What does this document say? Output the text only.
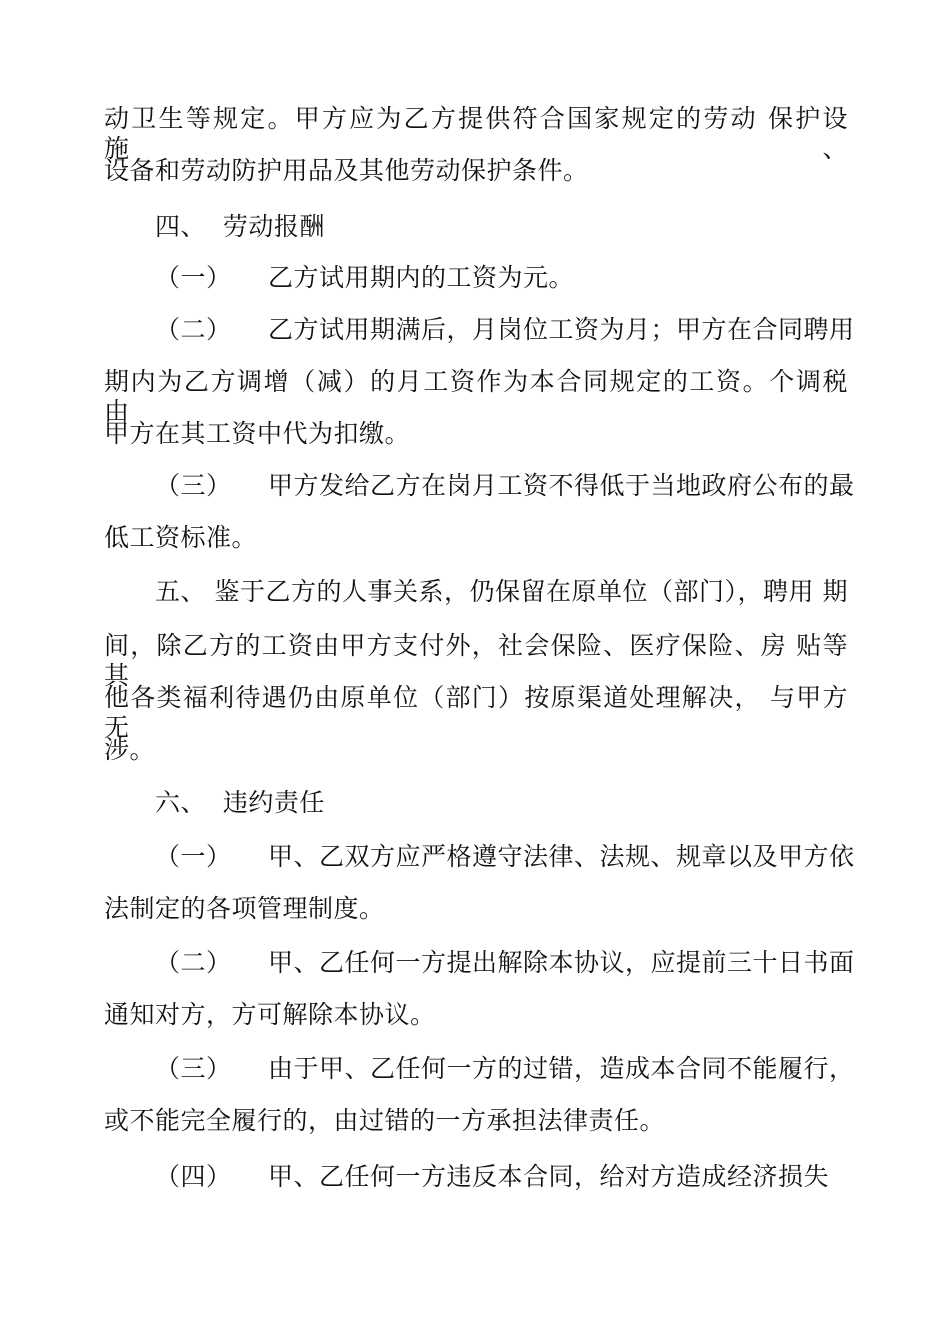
动卫生等规定。甲方应为乙方提供符合国家规定的劳动 保护设施、
设备和劳动防护用品及其他劳动保护条件。
四、  劳动报酬
（一） 乙方试用期内的工资为元。
（二） 乙方试用期满后，月岗位工资为月；甲方在合同聘用
期内为乙方调增（减）的月工资作为本合同规定的工资。个调税 由
甲方在其工资中代为扣缴。
（三） 甲方发给乙方在岗月工资不得低于当地政府公布的最
低工资标准。
五、 鉴于乙方的人事关系，仍保留在原单位（部门），聘用 期
间，除乙方的工资由甲方支付外，社会保险、医疗保险、房 贴等其
他各类福利待遇仍由原单位（部门）按原渠道处理解决， 与甲方无
涉。
六、  违约责任
（一） 甲、乙双方应严格遵守法律、法规、规章以及甲方依
法制定的各项管理制度。
（二） 甲、乙任何一方提出解除本协议，应提前三十日书面
通知对方，方可解除本协议。
（三） 由于甲、乙任何一方的过错，造成本合同不能履行，
或不能完全履行的，由过错的一方承担法律责任。
（四） 甲、乙任何一方违反本合同，给对方造成经济损失
